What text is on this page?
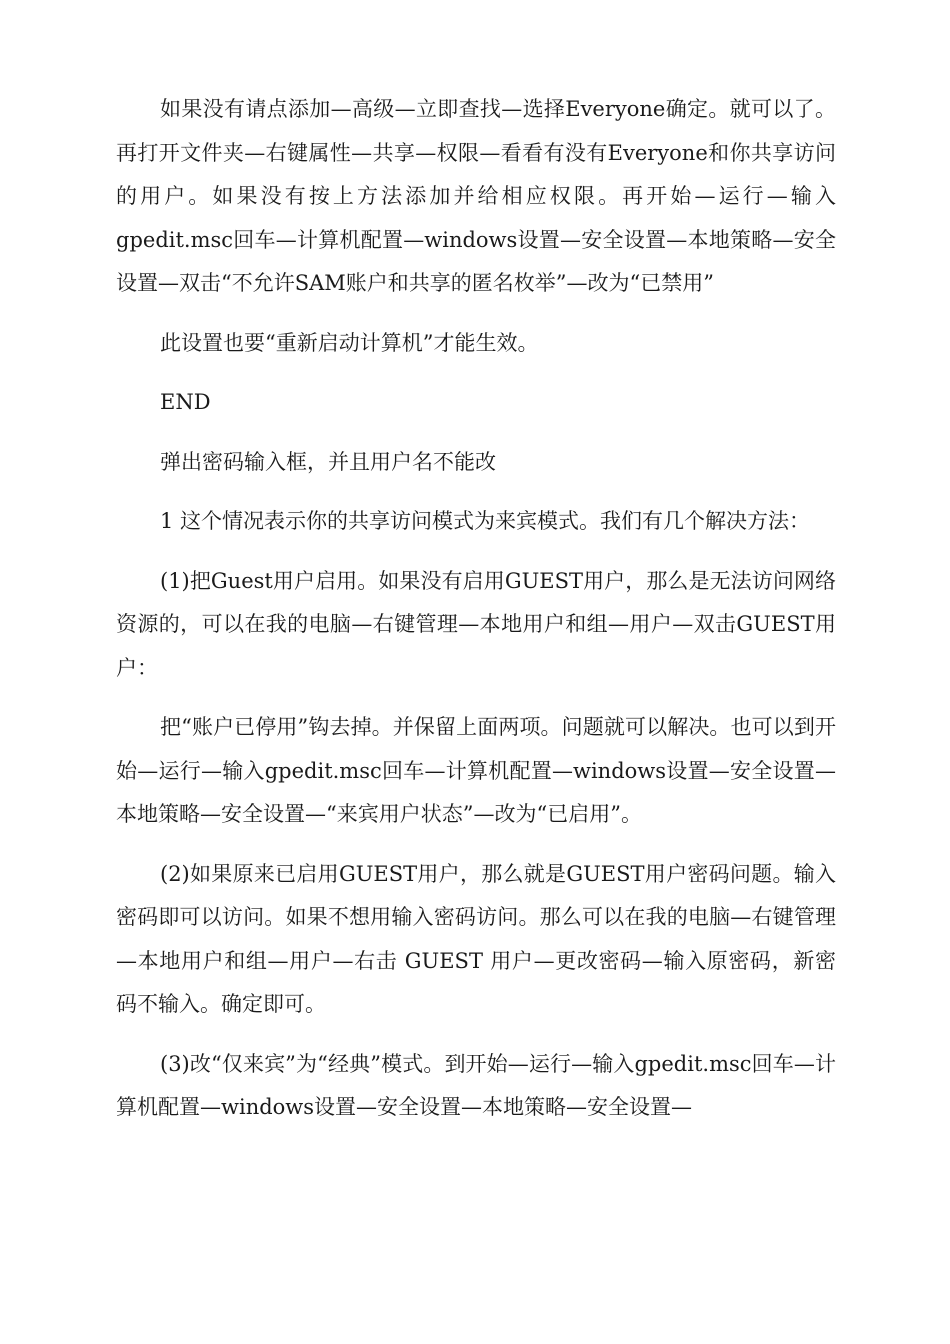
如果没有请点添加—高级—立即查找—选择Everyone确定。就可以了。再打开文件夹—右键属性—共享—权限—看看有没有Everyone和你共享访问的用户。如果没有按上方法添加并给相应权限。再开始—运行—输入gpedit.msc回车—计算机配置—windows设置—安全设置—本地策略—安全设置—双击“不允许SAM账户和共享的匿名枚举”—改为“已禁用”

此设置也要“重新启动计算机”才能生效。

END

弹出密码输入框，并且用户名不能改

1 这个情况表示你的共享访问模式为来宾模式。我们有几个解决方法：

(1)把Guest用户启用。如果没有启用GUEST用户，那么是无法访问网络资源的，可以在我的电脑—右键管理—本地用户和组—用户—双击GUEST用户：

把“账户已停用”钩去掉。并保留上面两项。问题就可以解决。也可以到开始—运行—输入gpedit.msc回车—计算机配置—windows设置—安全设置—本地策略—安全设置—“来宾用户状态”—改为“已启用”。

(2)如果原来已启用GUEST用户，那么就是GUEST用户密码问题。输入密码即可以访问。如果不想用输入密码访问。那么可以在我的电脑—右键管理—本地用户和组—用户—右击 GUEST 用户—更改密码—输入原密码，新密码不输入。确定即可。

(3)改“仅来宾”为“经典”模式。到开始—运行—输入gpedit.msc回车—计算机配置—windows设置—安全设置—本地策略—安全设置—
